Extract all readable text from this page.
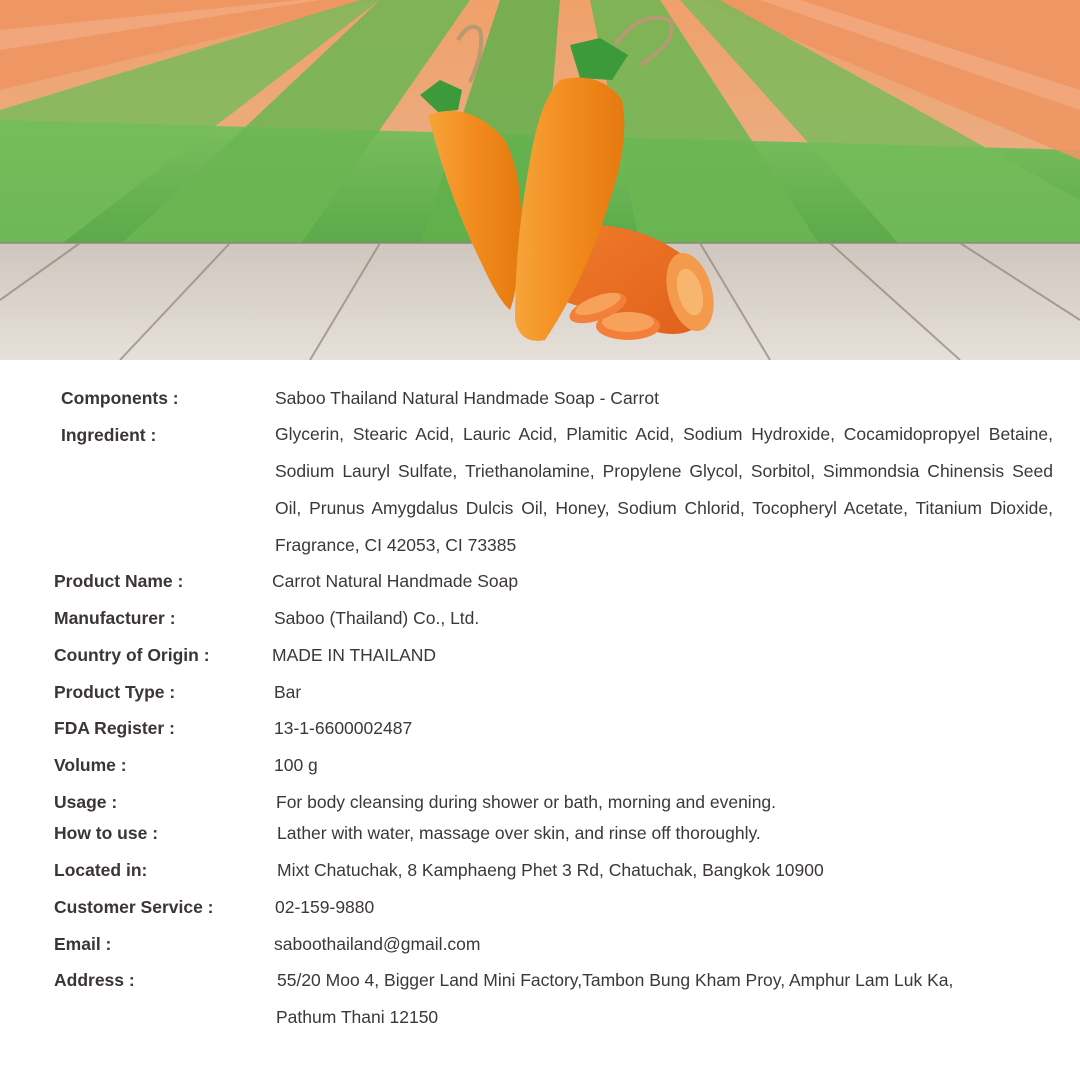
Components :	Saboo Thailand Natural Handmade Soap - Carrot
Ingredient :	Glycerin, Stearic Acid, Lauric Acid, Plamitic Acid, Sodium Hydroxide, Cocamidopropyel Betaine, Sodium Lauryl Sulfate, Triethanolamine, Propylene Glycol, Sorbitol, Simmondsia Chinensis Seed Oil, Prunus Amygdalus Dulcis Oil, Honey, Sodium Chlorid, Tocopheryl Acetate, Titanium Dioxide, Fragrance, CI 42053, CI 73385
Product Name :	Carrot Natural Handmade Soap
Manufacturer :	Saboo (Thailand) Co., Ltd.
Country of Origin :	MADE IN THAILAND
Product Type :	Bar
FDA Register :	13-1-6600002487
Volume :	100 g
Usage :	For body cleansing during shower or bath, morning and evening.
How to use :	Lather with water, massage over skin, and rinse off thoroughly.
Located in:	Mixt Chatuchak, 8 Kamphaeng Phet 3 Rd, Chatuchak, Bangkok 10900
Customer Service :	02-159-9880
Email :	saboothailand@gmail.com
Address :	55/20 Moo 4, Bigger Land Mini Factory,Tambon Bung Kham Proy, Amphur Lam Luk Ka,
Pathum Thani 12150
